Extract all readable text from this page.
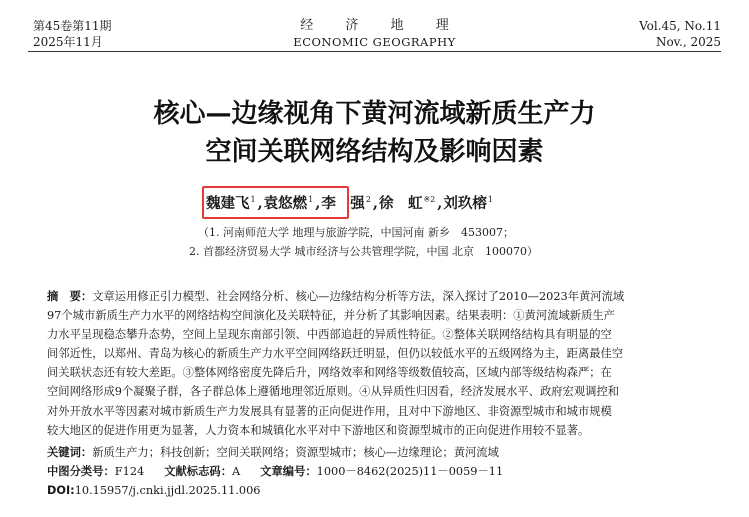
第45卷第11期
2025年11月
经 济 地 理
ECONOMIC GEOGRAPHY
Vol.45, No.11
Nov., 2025
核心—边缘视角下黄河流域新质生产力
空间关联网络结构及影响因素
魏建飞$^1$ ,袁悠燃$^1$ ,李　强$^2$ ,徐　虹$^{※2}$ ,刘玖榕$^1$
（1. 河南师范大学 地理与旅游学院，中国河南 新乡　453007；
2. 首都经济贸易大学 城市经济与公共管理学院，中国 北京　100070）
摘　要：文章运用修正引力模型、社会网络分析、核心—边缘结构分析等方法，深入探讨了2010—2023年黄河流域
97个城市新质生产力水平的网络结构空间演化及关联特征，并分析了其影响因素。结果表明：①黄河流域新质生产
力水平呈现稳态攀升态势，空间上呈现东南部引领、中西部追赶的异质性特征。②整体关联网络结构具有明显的空
间邻近性，以郑州、青岛为核心的新质生产力水平空间网络跃迁明显，但仍以较低水平的五级网络为主，距离最佳空
间关联状态还有较大差距。③整体网络密度先降后升，网络效率和网络等级数值较高，区域内部等级结构森严；在
空间网络形成9个凝聚子群，各子群总体上遵循地理邻近原则。④从异质性归因看，经济发展水平、政府宏观调控和
对外开放水平等因素对城市新质生产力发展具有显著的正向促进作用，且对中下游地区、非资源型城市和城市规模
较大地区的促进作用更为显著，人力资本和城镇化水平对中下游地区和资源型城市的正向促进作用较不显著。
关键词：新质生产力；科技创新；空间关联网络；资源型城市；核心—边缘理论；黄河流域
中图分类号：F124 文献标志码：A 文章编号：1000－8462(2025)11－0059－11
DOI:10.15957/j.cnki.jjdl.2025.11.006
